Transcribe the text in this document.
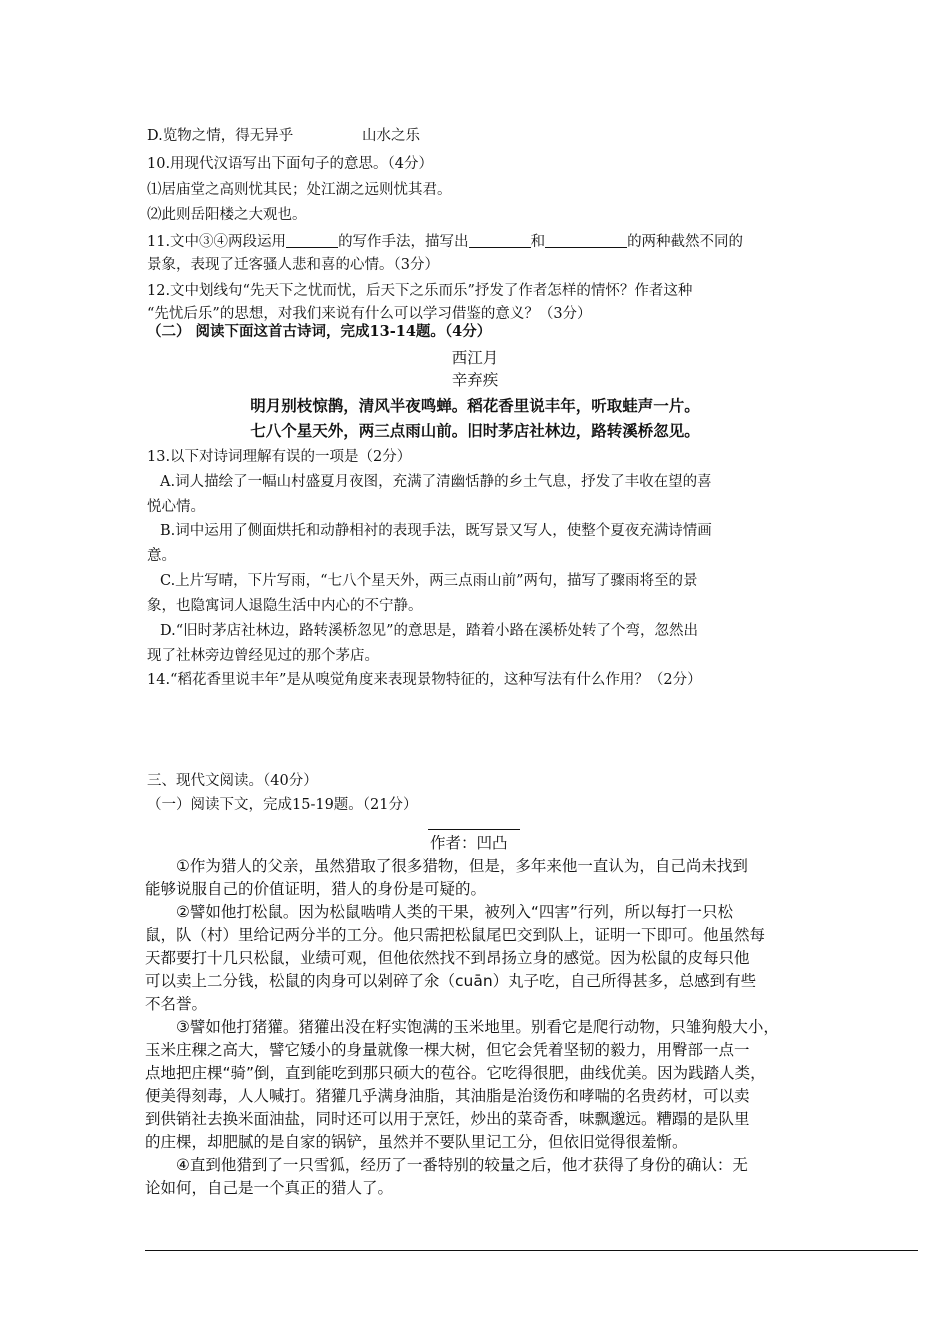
D.览物之情，得无异乎	山水之乐
10.用现代汉语写出下面句子的意思。（4分）
⑴居庙堂之高则忧其民；处江湖之远则忧其君。
⑵此则岳阳楼之大观也。
11.文中③④两段运用	的写作手法，描写出	和	的两种截然不同的
景象，表现了迁客骚人悲和喜的心情。（3分）
12.文中划线句“先天下之忧而忧，后天下之乐而乐”抒发了作者怎样的情怀？作者这种
“先忧后乐”的思想，对我们来说有什么可以学习借鉴的意义？（3分）
（二） 阅读下面这首古诗词，完成13-14题。（4分）
西江月
辛弃疾
明月别枝惊鹊，清风半夜鸣蝉。稻花香里说丰年，听取蛙声一片。
七八个星天外，两三点雨山前。旧时茅店社林边，路转溪桥忽见。
13.以下对诗词理解有误的一项是（2分）
A.词人描绘了一幅山村盛夏月夜图，充满了清幽恬静的乡土气息，抒发了丰收在望的喜
悦心情。
B.词中运用了侧面烘托和动静相衬的表现手法，既写景又写人，使整个夏夜充满诗情画
意。
C.上片写晴，下片写雨，“七八个星天外，两三点雨山前”两句，描写了骤雨将至的景
象，也隐寓词人退隐生活中内心的不宁静。
D.“旧时茅店社林边，路转溪桥忽见”的意思是，踏着小路在溪桥处转了个弯，忽然出
现了社林旁边曾经见过的那个茅店。
14.“稻花香里说丰年”是从嗅觉角度来表现景物特征的，这种写法有什么作用？（2分）
三、现代文阅读。（40分）
（一）阅读下文，完成15-19题。（21分）
作者：凹凸
①作为猎人的父亲，虽然猎取了很多猎物，但是，多年来他一直认为，自己尚未找到
能够说服自己的价值证明，猎人的身份是可疑的。
②譬如他打松鼠。因为松鼠啮啃人类的干果，被列入“四害”行列，所以每打一只松
鼠，队（村）里给记两分半的工分。他只需把松鼠尾巴交到队上，证明一下即可。他虽然每
天都要打十几只松鼠，业绩可观，但他依然找不到昂扬立身的感觉。因为松鼠的皮每只他
可以卖上二分钱，松鼠的肉身可以剁碎了氽（cuān）丸子吃，自己所得甚多，总感到有些
不名誉。
③譬如他打猪獾。猪獾出没在籽实饱满的玉米地里。别看它是爬行动物，只雏狗般大小，
玉米庄稞之高大，譬它矮小的身量就像一棵大树，但它会凭着坚韧的毅力，用臀部一点一
点地把庄棵“骑”倒，直到能吃到那只硕大的苞谷。它吃得很肥，曲线优美。因为践踏人类，
便美得刻毒，人人喊打。猪獾几乎满身油脂，其油脂是治烫伤和哮喘的名贵药材，可以卖
到供销社去换米面油盐，同时还可以用于烹饪，炒出的菜奇香，味飘邈远。糟蹋的是队里
的庄棵，却肥腻的是自家的锅铲，虽然并不要队里记工分，但依旧觉得很羞惭。
④直到他猎到了一只雪狐，经历了一番特别的较量之后，他才获得了身份的确认：无
论如何，自己是一个真正的猎人了。
